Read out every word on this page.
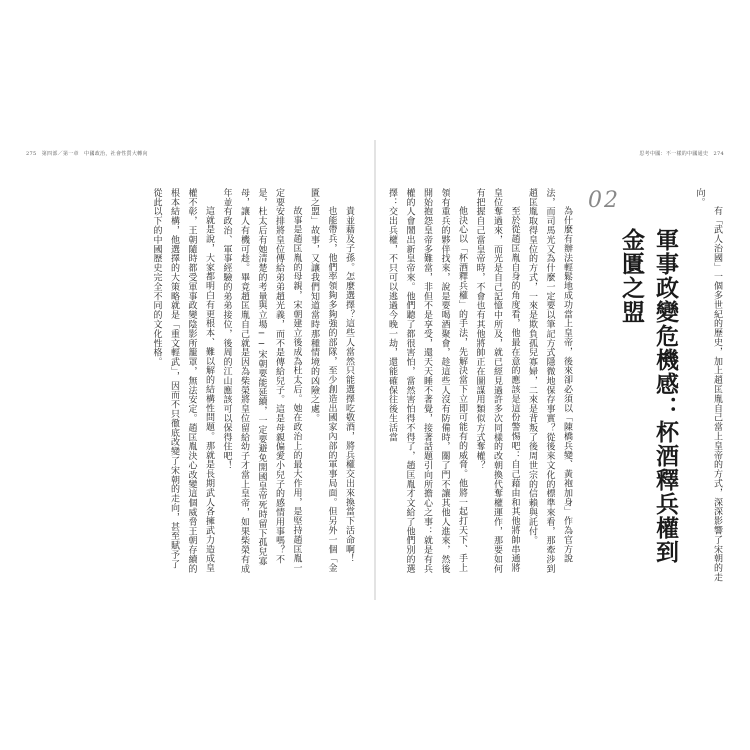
275　第四部／第一章　中國政治，社會性質大轉向

貴並藉及子孫。怎麼選擇？這些人當然只能選擇吃敬酒，將兵權交出來換當下活命啊！

也能帶兵，他們率領夠多夠強的部隊，至少創造出國家內部的軍事局面。但另外一個「金匱之盟」故事，又讓我們知道當時那種情境的凶險之處。

故事是趙匡胤的母親，宋朝建立後成為杜太后。她在政治上的最大作用，是堅持趙匡胤一定要安排將皇位傳給弟弟趙光義，而不是傳給兒子。這是母親偏愛小兒子的感情用事嗎？不是，杜太后有她清楚的考量與立場──宋朝要能延續，一定要避免開國皇帝死時留下孤兒寡母，讓人有機可趁。畢竟趙匡胤自己就是因為柴榮將皇位留給幼子才當上皇帝，如果柴榮有成年並有政治、軍事經驗的弟弟接位，後周的江山應該可以保得住吧！

這就是說，大家都明白有更根本、難以解的結構性問題。那就是長期武人各擁武力造成皇權不彰，王朝隨時都受軍事政變陰影所籠罩，無法安定。趙匡胤決心改變這個威脅王朝存續的根本結構，他選擇的大策略就是「重文輕武」，因而不只徹底改變了宋朝的走向，甚至賦予了從此以下的中國歷史完全不同的文化性格。

思考中國：不一樣的中國通史　274

有「武人治國」一個多世紀的歷史，加上趙匡胤自己當上皇帝的方式，深深影響了宋朝的走向。

02
軍事政變危機感：杯酒釋兵權到金匱之盟

為什麼有辦法輕鬆地成功當上皇帝，後來卻必須以「陳橋兵變、黃袍加身」作為官方說法，而司馬光又為什麼一定要以筆記方式隱微地保存事實？從後來文化的標準來看，那牽涉到趙匡胤取得皇位的方式，一來是欺負孤兒寡婦，二來是背叛了後周世宗的信賴與託付。

至於從趙匡胤自身的角度看，他最在意的應該是這份警惕吧：自己藉由和其他將帥串通將皇位奪過來，而光是自己記憶中所及，就已經見過許多次同樣的改朝換代奪權運作，那要如何有把握自己當皇帝時，不會也有其他將帥正在圖謀用類似方式奪權？

他決心以「杯酒釋兵權」的手法，先解決當下立即可能有的威脅。他將一起打天下、手上領有重兵的夥伴找來，說是要喝酒聚會，趁這些人沒有防備時，關了門不讓其他人進來，然後開始抱怨皇帝多難當，非但不是享受，還天天睡不著覺，接著話題引向所擔心之事：就是有兵權的人會鬧出新皇帝來。他們聽了都很害怕，當然害怕得不得了，趙匡胤才文給了他們別的選擇：交出兵權，不只可以逃過今晚一劫，還能確保往後生活當
